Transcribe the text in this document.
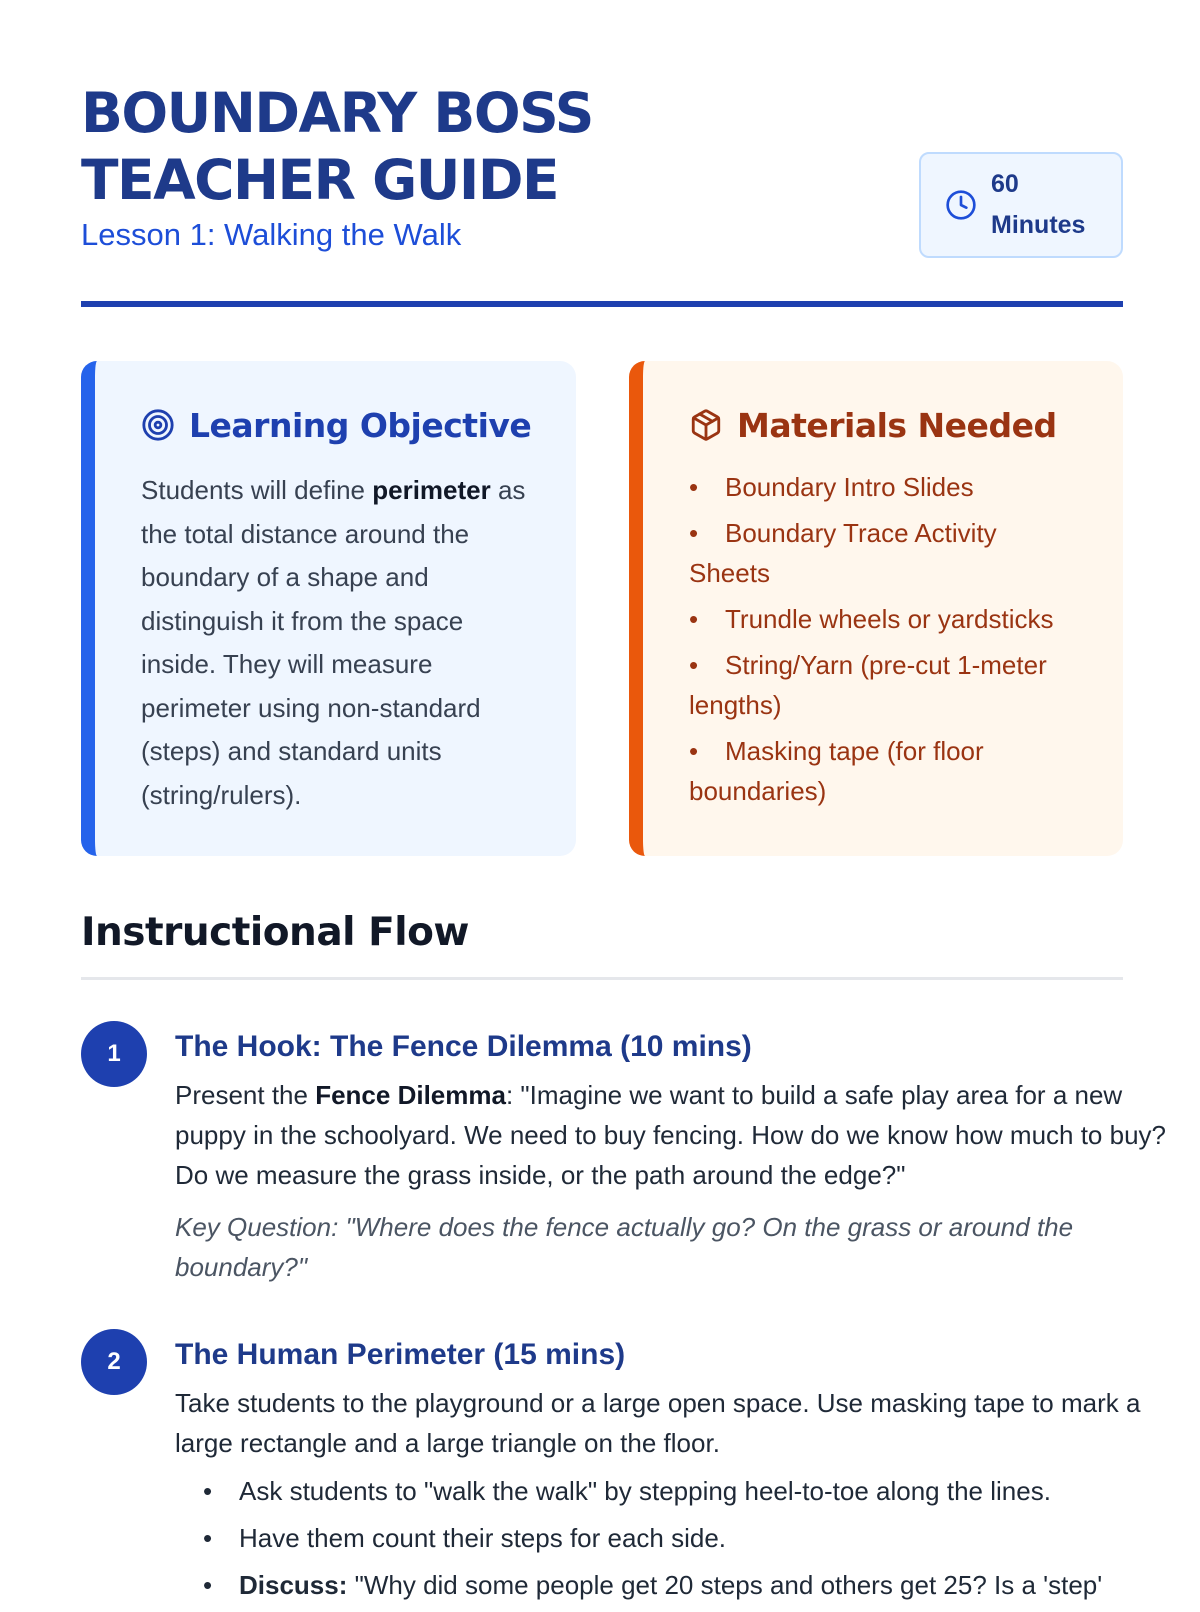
BOUNDARY BOSS
TEACHER GUIDE
Lesson 1: Walking the Walk
60
Minutes
Learning Objective
Students will define perimeter as the total distance around the boundary of a shape and distinguish it from the space inside. They will measure perimeter using non-standard (steps) and standard units (string/rulers).
Materials Needed
• Boundary Intro Slides
• Boundary Trace Activity Sheets
• Trundle wheels or yardsticks
• String/Yarn (pre-cut 1-meter lengths)
• Masking tape (for floor boundaries)
Instructional Flow
1	The Hook: The Fence Dilemma (10 mins)
Present the Fence Dilemma: "Imagine we want to build a safe play area for a new puppy in the schoolyard. We need to buy fencing. How do we know how much to buy? Do we measure the grass inside, or the path around the edge?"
Key Question: "Where does the fence actually go? On the grass or around the boundary?"
2	The Human Perimeter (15 mins)
Take students to the playground or a large open space. Use masking tape to mark a large rectangle and a large triangle on the floor.
• Ask students to "walk the walk" by stepping heel-to-toe along the lines.
• Have them count their steps for each side.
• Discuss: "Why did some people get 20 steps and others get 25? Is a 'step'
